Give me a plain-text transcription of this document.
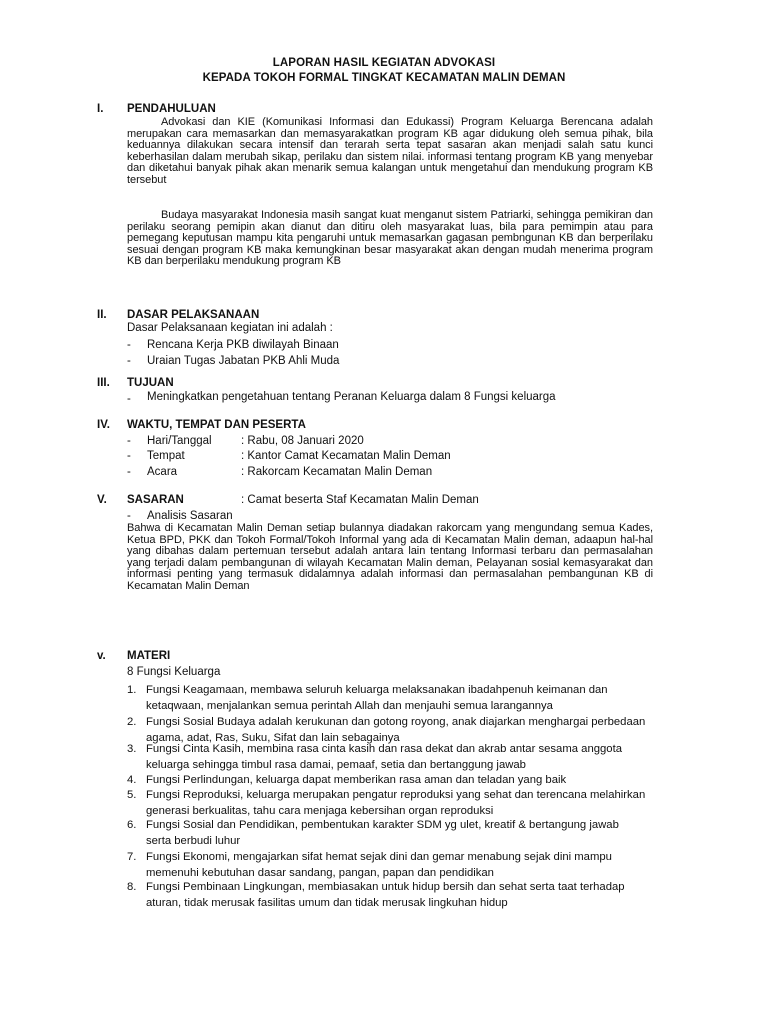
LAPORAN HASIL KEGIATAN ADVOKASI
KEPADA TOKOH FORMAL TINGKAT KECAMATAN MALIN DEMAN
I. PENDAHULUAN
Advokasi dan KIE (Komunikasi Informasi dan Edukassi) Program Keluarga Berencana adalah merupakan cara memasarkan dan memasyarakatkan program KB agar didukung oleh semua pihak, bila keduannya dilakukan secara intensif dan terarah serta tepat sasaran akan menjadi salah satu kunci keberhasilan dalam merubah sikap, perilaku dan sistem nilai. informasi tentang program KB yang menyebar dan diketahui banyak pihak akan menarik semua kalangan untuk mengetahui dan mendukung program KB tersebut
Budaya masyarakat Indonesia masih sangat kuat menganut sistem Patriarki, sehingga pemikiran dan perilaku seorang pemipin akan dianut dan ditiru oleh masyarakat luas, bila para pemimpin atau para pemegang keputusan mampu kita pengaruhi untuk memasarkan gagasan pembngunan KB dan berperilaku sesuai dengan program KB maka kemungkinan besar masyarakat akan dengan mudah menerima program KB dan berperilaku mendukung program KB
II. DASAR PELAKSANAAN
Dasar Pelaksanaan kegiatan ini adalah :
- Rencana Kerja PKB diwilayah Binaan
- Uraian Tugas Jabatan PKB Ahli Muda
III. TUJUAN
- Meningkatkan pengetahuan tentang Peranan Keluarga dalam 8 Fungsi keluarga
IV. WAKTU, TEMPAT DAN PESERTA
- Hari/Tanggal	: Rabu, 08 Januari 2020
- Tempat	: Kantor Camat Kecamatan Malin Deman
- Acara	: Rakorcam Kecamatan Malin Deman
V. SASARAN	: Camat beserta Staf Kecamatan Malin Deman
- Analisis Sasaran
Bahwa di Kecamatan Malin Deman setiap bulannya diadakan rakorcam yang mengundang semua Kades, Ketua BPD, PKK dan Tokoh Formal/Tokoh Informal yang ada di Kecamatan Malin deman, adaapun hal-hal yang dibahas dalam pertemuan tersebut adalah antara lain tentang Informasi terbaru dan permasalahan yang terjadi dalam pembangunan di wilayah Kecamatan Malin deman, Pelayanan sosial kemasyarakat dan informasi penting yang termasuk didalamnya adalah informasi dan permasalahan pembangunan KB di Kecamatan Malin Deman
v. MATERI
8 Fungsi Keluarga
1. Fungsi Keagamaan, membawa seluruh keluarga melaksanakan ibadahpenuh keimanan dan ketaqwaan, menjalankan semua perintah Allah dan menjauhi semua larangannya
2. Fungsi Sosial Budaya adalah kerukunan dan gotong royong, anak diajarkan menghargai perbedaan agama, adat, Ras, Suku, Sifat dan lain sebagainya
3. Fungsi Cinta Kasih, membina rasa cinta kasih dan rasa dekat dan akrab antar sesama anggota keluarga sehingga timbul rasa damai, pemaaf, setia dan bertanggung jawab
4. Fungsi Perlindungan, keluarga dapat memberikan rasa aman dan teladan yang baik
5. Fungsi Reproduksi, keluarga merupakan pengatur reproduksi yang sehat dan terencana melahirkan generasi berkualitas, tahu cara menjaga kebersihan organ reproduksi
6. Fungsi Sosial dan Pendidikan, pembentukan karakter SDM yg ulet, kreatif & bertangung jawab serta berbudi luhur
7. Fungsi Ekonomi, mengajarkan sifat hemat sejak dini dan gemar menabung sejak dini mampu memenuhi kebutuhan dasar sandang, pangan, papan dan pendidikan
8. Fungsi Pembinaan Lingkungan, membiasakan untuk hidup bersih dan sehat serta taat terhadap aturan, tidak merusak fasilitas umum dan tidak merusak lingkuhan hidup
